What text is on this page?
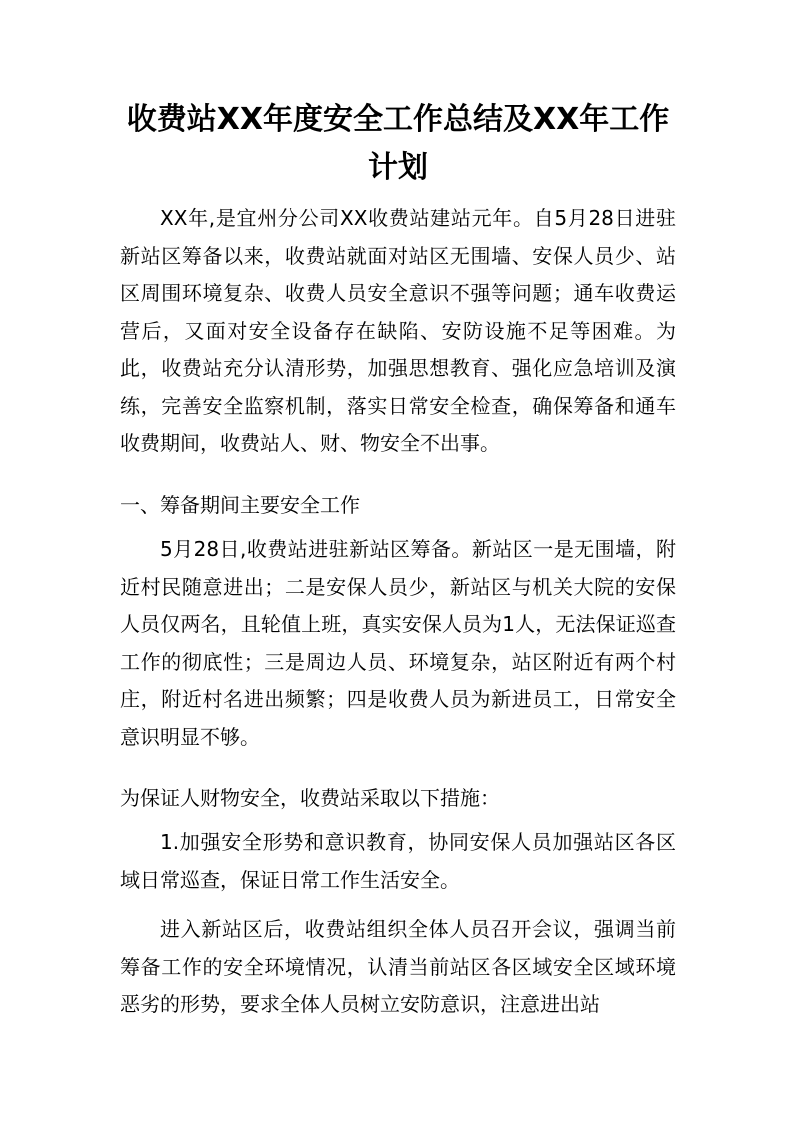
收费站XX年度安全工作总结及XX年工作计划

XX年,是宜州分公司XX收费站建站元年。自5月28日进驻新站区筹备以来，收费站就面对站区无围墙、安保人员少、站区周围环境复杂、收费人员安全意识不强等问题；通车收费运营后，又面对安全设备存在缺陷、安防设施不足等困难。为此，收费站充分认清形势，加强思想教育、强化应急培训及演练，完善安全监察机制，落实日常安全检查，确保筹备和通车收费期间，收费站人、财、物安全不出事。

一、筹备期间主要安全工作

5月28日,收费站进驻新站区筹备。新站区一是无围墙，附近村民随意进出；二是安保人员少，新站区与机关大院的安保人员仅两名，且轮值上班，真实安保人员为1人，无法保证巡查工作的彻底性；三是周边人员、环境复杂，站区附近有两个村庄，附近村名进出频繁；四是收费人员为新进员工，日常安全意识明显不够。

为保证人财物安全，收费站采取以下措施：

1.加强安全形势和意识教育，协同安保人员加强站区各区域日常巡查，保证日常工作生活安全。

进入新站区后，收费站组织全体人员召开会议，强调当前筹备工作的安全环境情况，认清当前站区各区域安全区域环境恶劣的形势，要求全体人员树立安防意识，注意进出站
